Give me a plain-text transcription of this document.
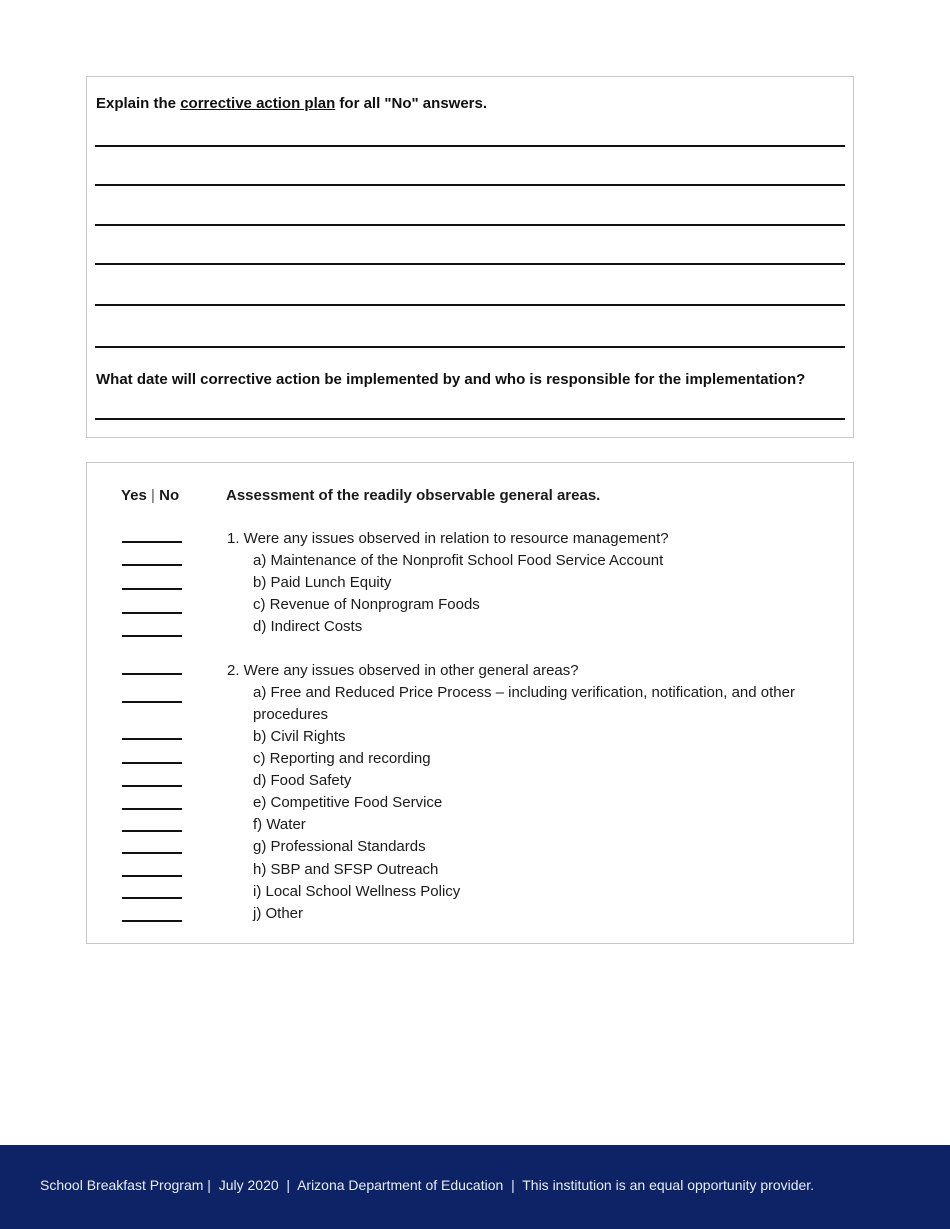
Explain the corrective action plan for all "No" answers.
What date will corrective action be implemented by and who is responsible for the implementation?
Yes | No	Assessment of the readily observable general areas.
1. Were any issues observed in relation to resource management?
a) Maintenance of the Nonprofit School Food Service Account
b) Paid Lunch Equity
c) Revenue of Nonprogram Foods
d) Indirect Costs
2. Were any issues observed in other general areas?
a) Free and Reduced Price Process – including verification, notification, and other
procedures
b) Civil Rights
c) Reporting and recording
d) Food Safety
e) Competitive Food Service
f) Water
g) Professional Standards
h) SBP and SFSP Outreach
i) Local School Wellness Policy
j) Other
School Breakfast Program |  July 2020  |  Arizona Department of Education  |  This institution is an equal opportunity provider.
